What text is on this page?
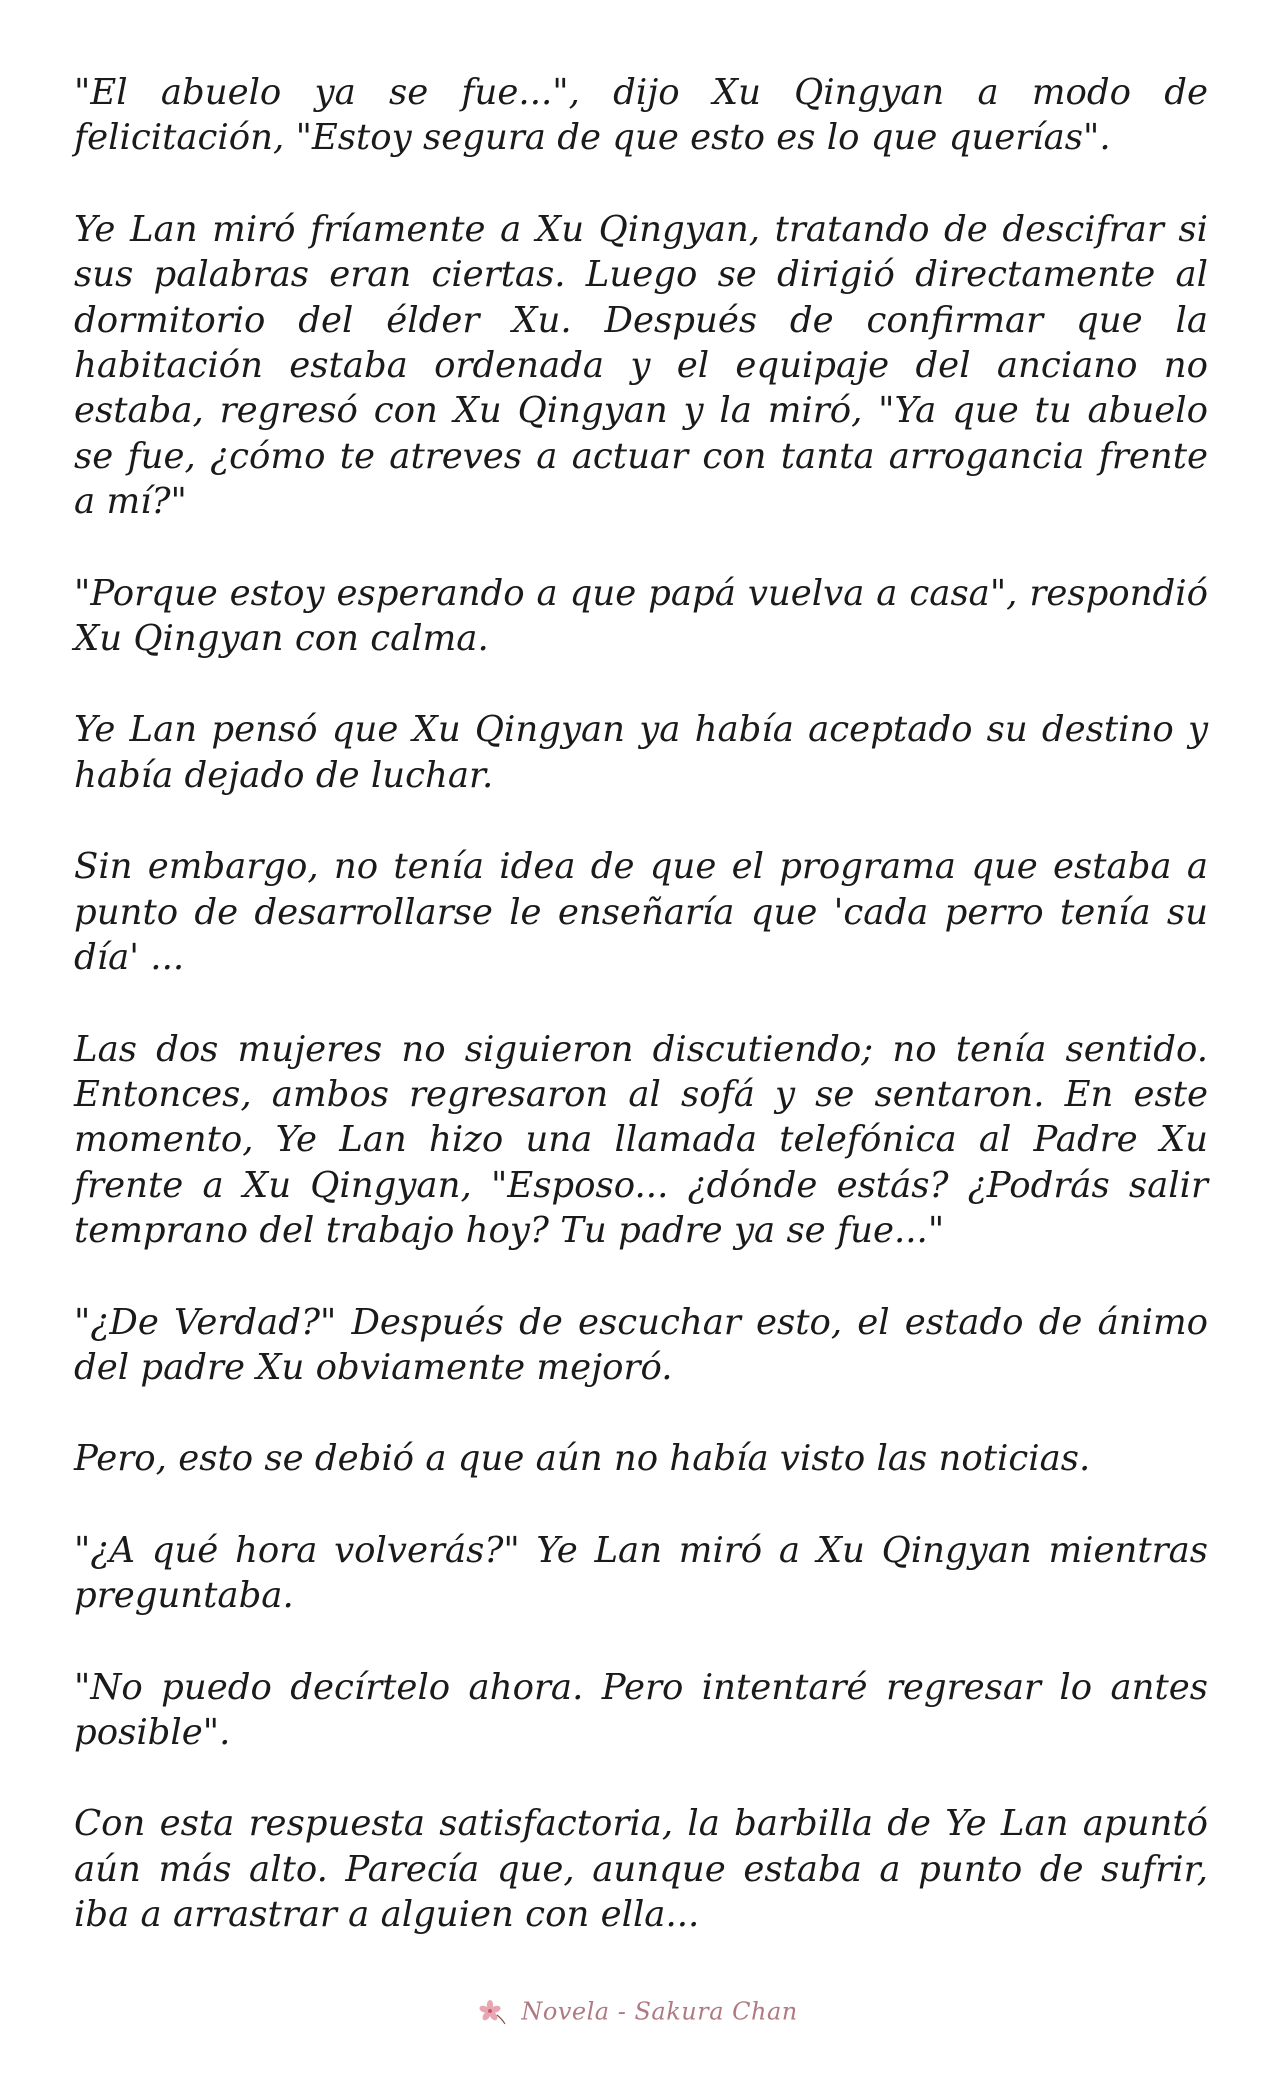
"El abuelo ya se fue...", dijo Xu Qingyan a modo de felicitación, "Estoy segura de que esto es lo que querías".

Ye Lan miró fríamente a Xu Qingyan, tratando de descifrar si sus palabras eran ciertas. Luego se dirigió directamente al dormitorio del élder Xu. Después de confirmar que la habitación estaba ordenada y el equipaje del anciano no estaba, regresó con Xu Qingyan y la miró, "Ya que tu abuelo se fue, ¿cómo te atreves a actuar con tanta arrogancia frente a mí?"

"Porque estoy esperando a que papá vuelva a casa", respondió Xu Qingyan con calma.

Ye Lan pensó que Xu Qingyan ya había aceptado su destino y había dejado de luchar.

Sin embargo, no tenía idea de que el programa que estaba a punto de desarrollarse le enseñaría que 'cada perro tenía su día' ...

Las dos mujeres no siguieron discutiendo; no tenía sentido. Entonces, ambos regresaron al sofá y se sentaron. En este momento, Ye Lan hizo una llamada telefónica al Padre Xu frente a Xu Qingyan, "Esposo... ¿dónde estás? ¿Podrás salir temprano del trabajo hoy? Tu padre ya se fue..."

"¿De Verdad?" Después de escuchar esto, el estado de ánimo del padre Xu obviamente mejoró.

Pero, esto se debió a que aún no había visto las noticias.

"¿A qué hora volverás?" Ye Lan miró a Xu Qingyan mientras preguntaba.

"No puedo decírtelo ahora. Pero intentaré regresar lo antes posible".

Con esta respuesta satisfactoria, la barbilla de Ye Lan apuntó aún más alto. Parecía que, aunque estaba a punto de sufrir, iba a arrastrar a alguien con ella...

Novela - Sakura Chan
